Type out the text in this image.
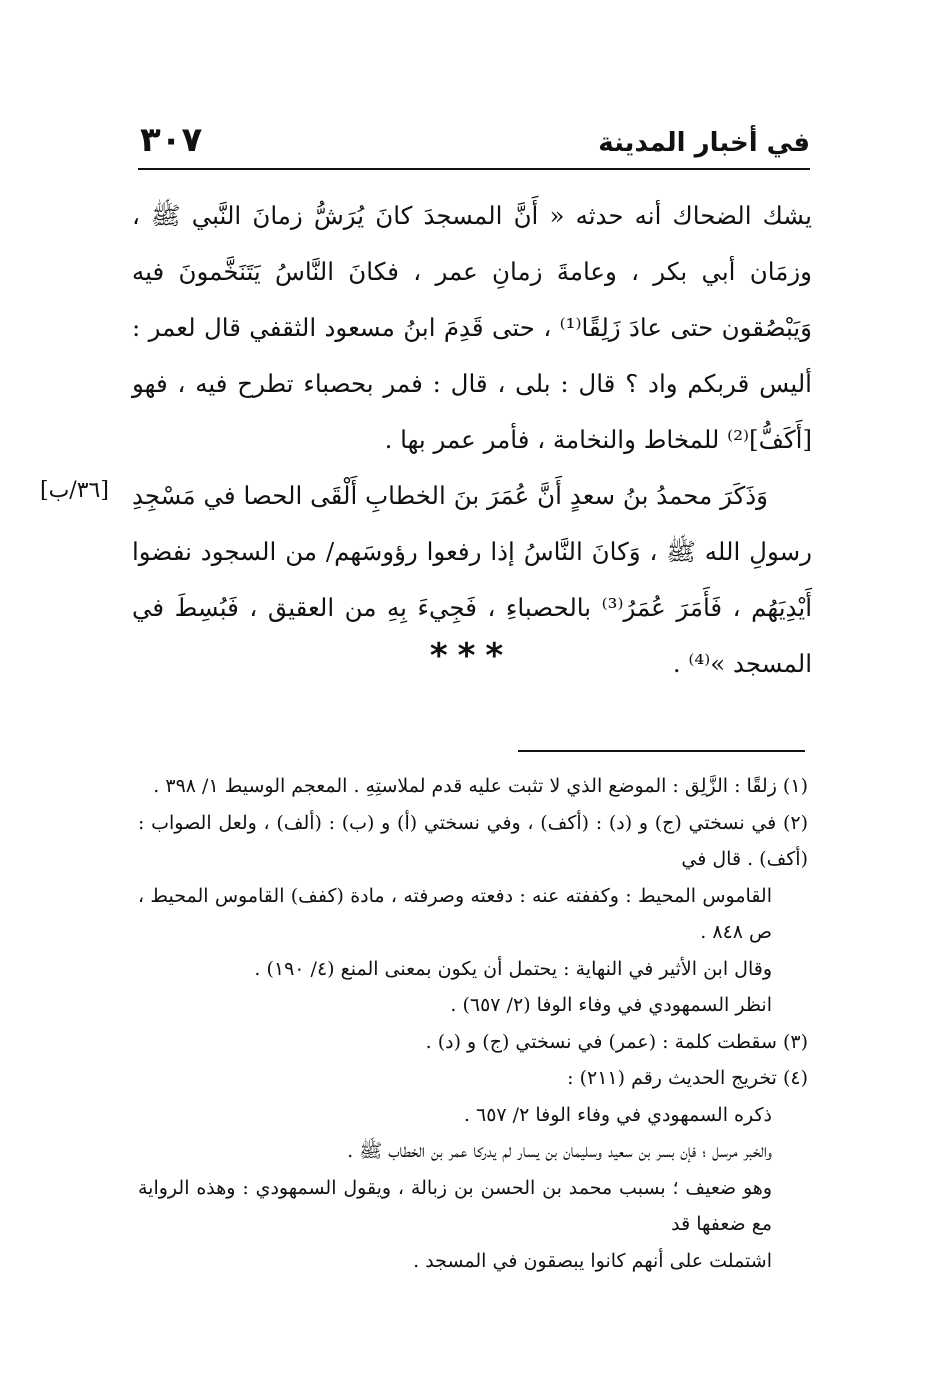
٣٠٧	في أخبار المدينة

يشك الضحاك أنه حدثه « أَنَّ المسجدَ كانَ يُرَشُّ زمانَ النَّبي ﷺ ، وزمَان أبي بكر ، وعامةَ زمانِ عمر ، فكانَ النَّاسُ يَتَنَخَّمونَ فيه وَيَبْصُقون حتى عادَ زَلِقًا⁽¹⁾ ، حتى قَدِمَ ابنُ مسعود الثقفي قال لعمر : أليس قربكم واد ؟ قال : بلى ، قال : فمر بحصباء تطرح فيه ، فهو [أَكَفُّ]⁽²⁾ للمخاط والنخامة ، فأمر عمر بها .

وَذَكَرَ محمدُ بنُ سعدٍ أَنَّ عُمَرَ بنَ الخطابِ أَلْقَى الحصا في مَسْجِدِ رسولِ الله ﷺ ، وَكانَ النَّاسُ إذا رفعوا رؤوسَهم/ من السجود نفضوا أَيْدِيَهُم ، فَأَمَرَ عُمَرُ⁽³⁾ بالحصباءِ ، فَجِيءَ بِهِ من العقيق ، فَبُسِطَ في المسجد »⁽⁴⁾ .

[٣٦/ب]
***

(١) زلقًا : الزَّلِق : الموضع الذي لا تثبت عليه قدم لملاستِهِ . المعجم الوسيط ١/ ٣٩٨ .

(٢) في نسختي (ج) و (د) : (أكف) ، وفي نسختي (أ) و (ب) : (ألف) ، ولعل الصواب : (أكف) . قال في

القاموس المحيط : وكففته عنه : دفعته وصرفته ، مادة (كفف) القاموس المحيط ، ص ٨٤٨ .

وقال ابن الأثير في النهاية : يحتمل أن يكون بمعنى المنع (٤/ ١٩٠) .

انظر السمهودي في وفاء الوفا (٢/ ٦٥٧) .

(٣) سقطت كلمة : (عمر) في نسختي (ج) و (د) .

(٤) تخريج الحديث رقم (٢١١) :

ذكره السمهودي في وفاء الوفا ٢/ ٦٥٧ .

والخبر مرسل ؛ فإن بسر بن سعيد وسليمان بن يسار لم يدركا عمر بن الخطاب ﷺ .

وهو ضعيف ؛ بسبب محمد بن الحسن بن زبالة ، ويقول السمهودي : وهذه الرواية مع ضعفها قد

اشتملت على أنهم كانوا يبصقون في المسجد .
